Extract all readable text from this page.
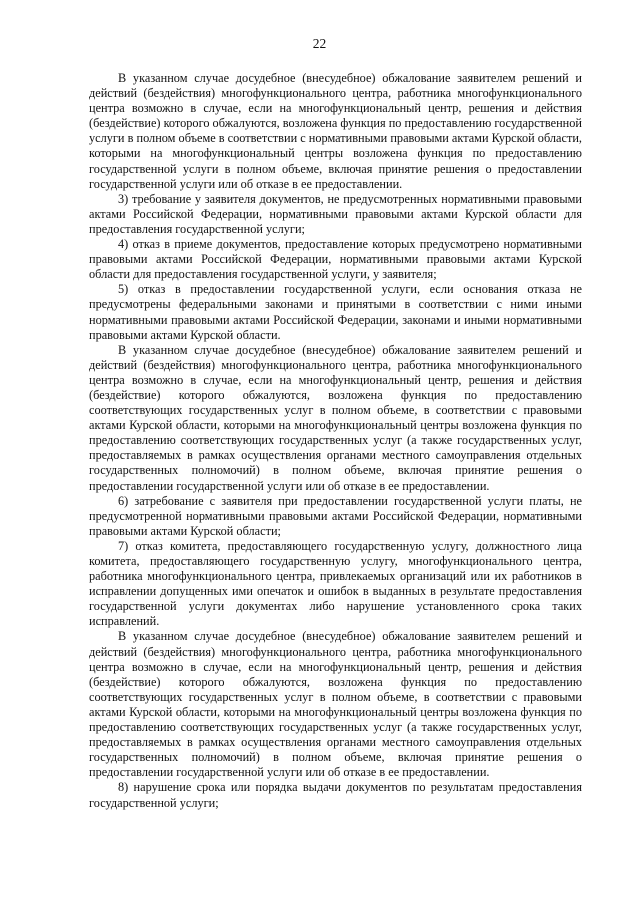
22

В указанном случае досудебное (внесудебное) обжалование заявителем решений и действий (бездействия) многофункционального центра, работника многофункционального центра возможно в случае, если на многофункциональный центр, решения и действия (бездействие) которого обжалуются, возложена функция по предоставлению государственной услуги в полном объеме в соответствии с нормативными правовыми актами Курской области, которыми на многофункциональный центры возложена функция по предоставлению государственной услуги в полном объеме, включая принятие решения о предоставлении государственной услуги или об отказе в ее предоставлении.

3) требование у заявителя документов, не предусмотренных нормативными правовыми актами Российской Федерации, нормативными правовыми актами Курской области для предоставления государственной услуги;

4) отказ в приеме документов, предоставление которых предусмотрено нормативными правовыми актами Российской Федерации, нормативными правовыми актами Курской области для предоставления государственной услуги, у заявителя;

5) отказ в предоставлении государственной услуги, если основания отказа не предусмотрены федеральными законами и принятыми в соответствии с ними иными нормативными правовыми актами Российской Федерации, законами и иными нормативными правовыми актами Курской области.

В указанном случае досудебное (внесудебное) обжалование заявителем решений и действий (бездействия) многофункционального центра, работника многофункционального центра возможно в случае, если на многофункциональный центр, решения и действия (бездействие) которого обжалуются, возложена функция по предоставлению соответствующих государственных услуг в полном объеме, в соответствии с правовыми актами Курской области, которыми на многофункциональный центры возложена функция по предоставлению соответствующих государственных услуг (а также государственных услуг, предоставляемых в рамках осуществления органами местного самоуправления отдельных государственных полномочий) в полном объеме, включая принятие решения о предоставлении государственной услуги или об отказе в ее предоставлении.

6) затребование с заявителя при предоставлении государственной услуги платы, не предусмотренной нормативными правовыми актами Российской Федерации, нормативными правовыми актами Курской области;

7) отказ комитета, предоставляющего государственную услугу, должностного лица комитета, предоставляющего государственную услугу, многофункционального центра, работника многофункционального центра, привлекаемых организаций или их работников в исправлении допущенных ими опечаток и ошибок в выданных в результате предоставления государственной услуги документах либо нарушение установленного срока таких исправлений.

В указанном случае досудебное (внесудебное) обжалование заявителем решений и действий (бездействия) многофункционального центра, работника многофункционального центра возможно в случае, если на многофункциональный центр, решения и действия (бездействие) которого обжалуются, возложена функция по предоставлению соответствующих государственных услуг в полном объеме, в соответствии с правовыми актами Курской области, которыми на многофункциональный центры возложена функция по предоставлению соответствующих государственных услуг (а также государственных услуг, предоставляемых в рамках осуществления органами местного самоуправления отдельных государственных полномочий) в полном объеме, включая принятие решения о предоставлении государственной услуги или об отказе в ее предоставлении.

8) нарушение срока или порядка выдачи документов по результатам предоставления государственной услуги;
